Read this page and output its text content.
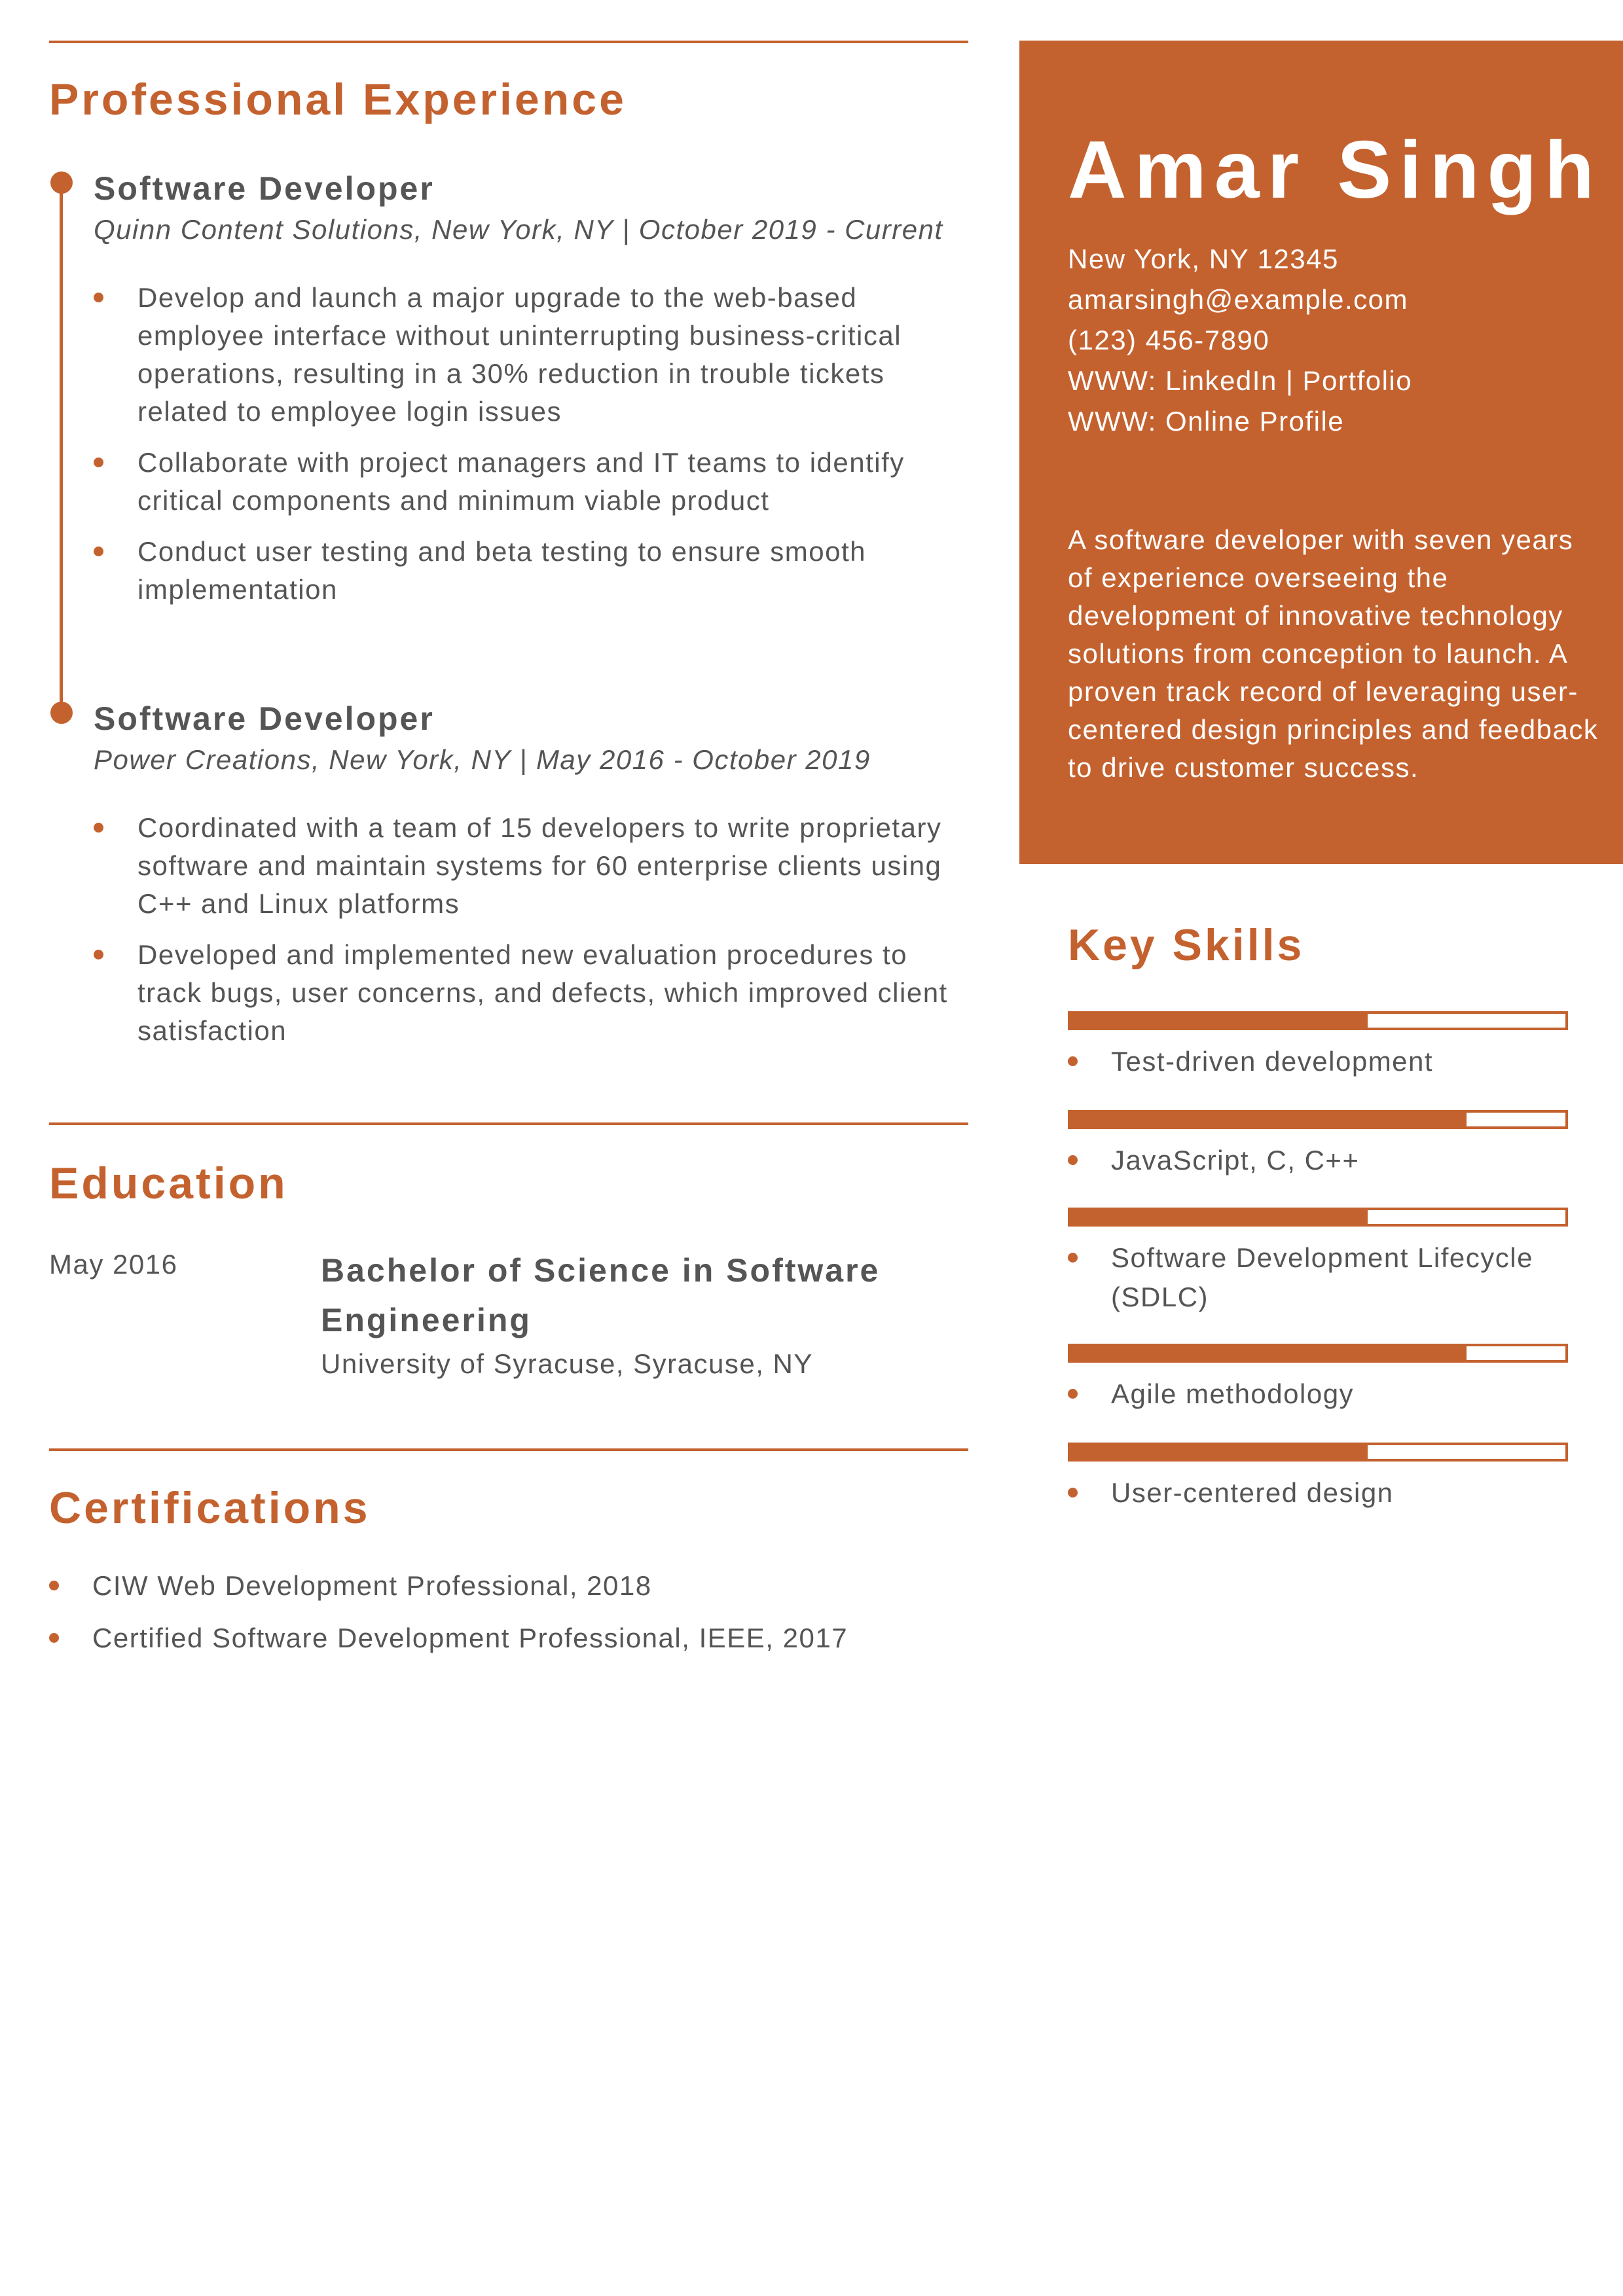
Professional Experience
Software Developer

Quinn Content Solutions, New York, NY | October 2019 - Current

Develop and launch a major upgrade to the web-based employee interface without uninterrupting business-critical operations, resulting in a 30% reduction in trouble tickets related to employee login issues
Collaborate with project managers and IT teams to identify critical components and minimum viable product
Conduct user testing and beta testing to ensure smooth implementation
Software Developer

Power Creations, New York, NY | May 2016 - October 2019

Coordinated with a team of 15 developers to write proprietary software and maintain systems for 60 enterprise clients using C++ and Linux platforms
Developed and implemented new evaluation procedures to track bugs, user concerns, and defects, which improved client satisfaction
Education
May 2016	Bachelor of Science in Software Engineering

University of Syracuse, Syracuse, NY

Certifications
CIW Web Development Professional, 2018
Certified Software Development Professional, IEEE, 2017
Amar Singh
New York, NY 12345
amarsingh@example.com
(123) 456-7890
WWW: LinkedIn | Portfolio
WWW: Online Profile

A software developer with seven years of experience overseeing the development of innovative technology solutions from conception to launch. A proven track record of leveraging user-centered design principles and feedback to drive customer success.

Key Skills
Test-driven development
JavaScript, C, C++
Software Development Lifecycle (SDLC)
Agile methodology
User-centered design
